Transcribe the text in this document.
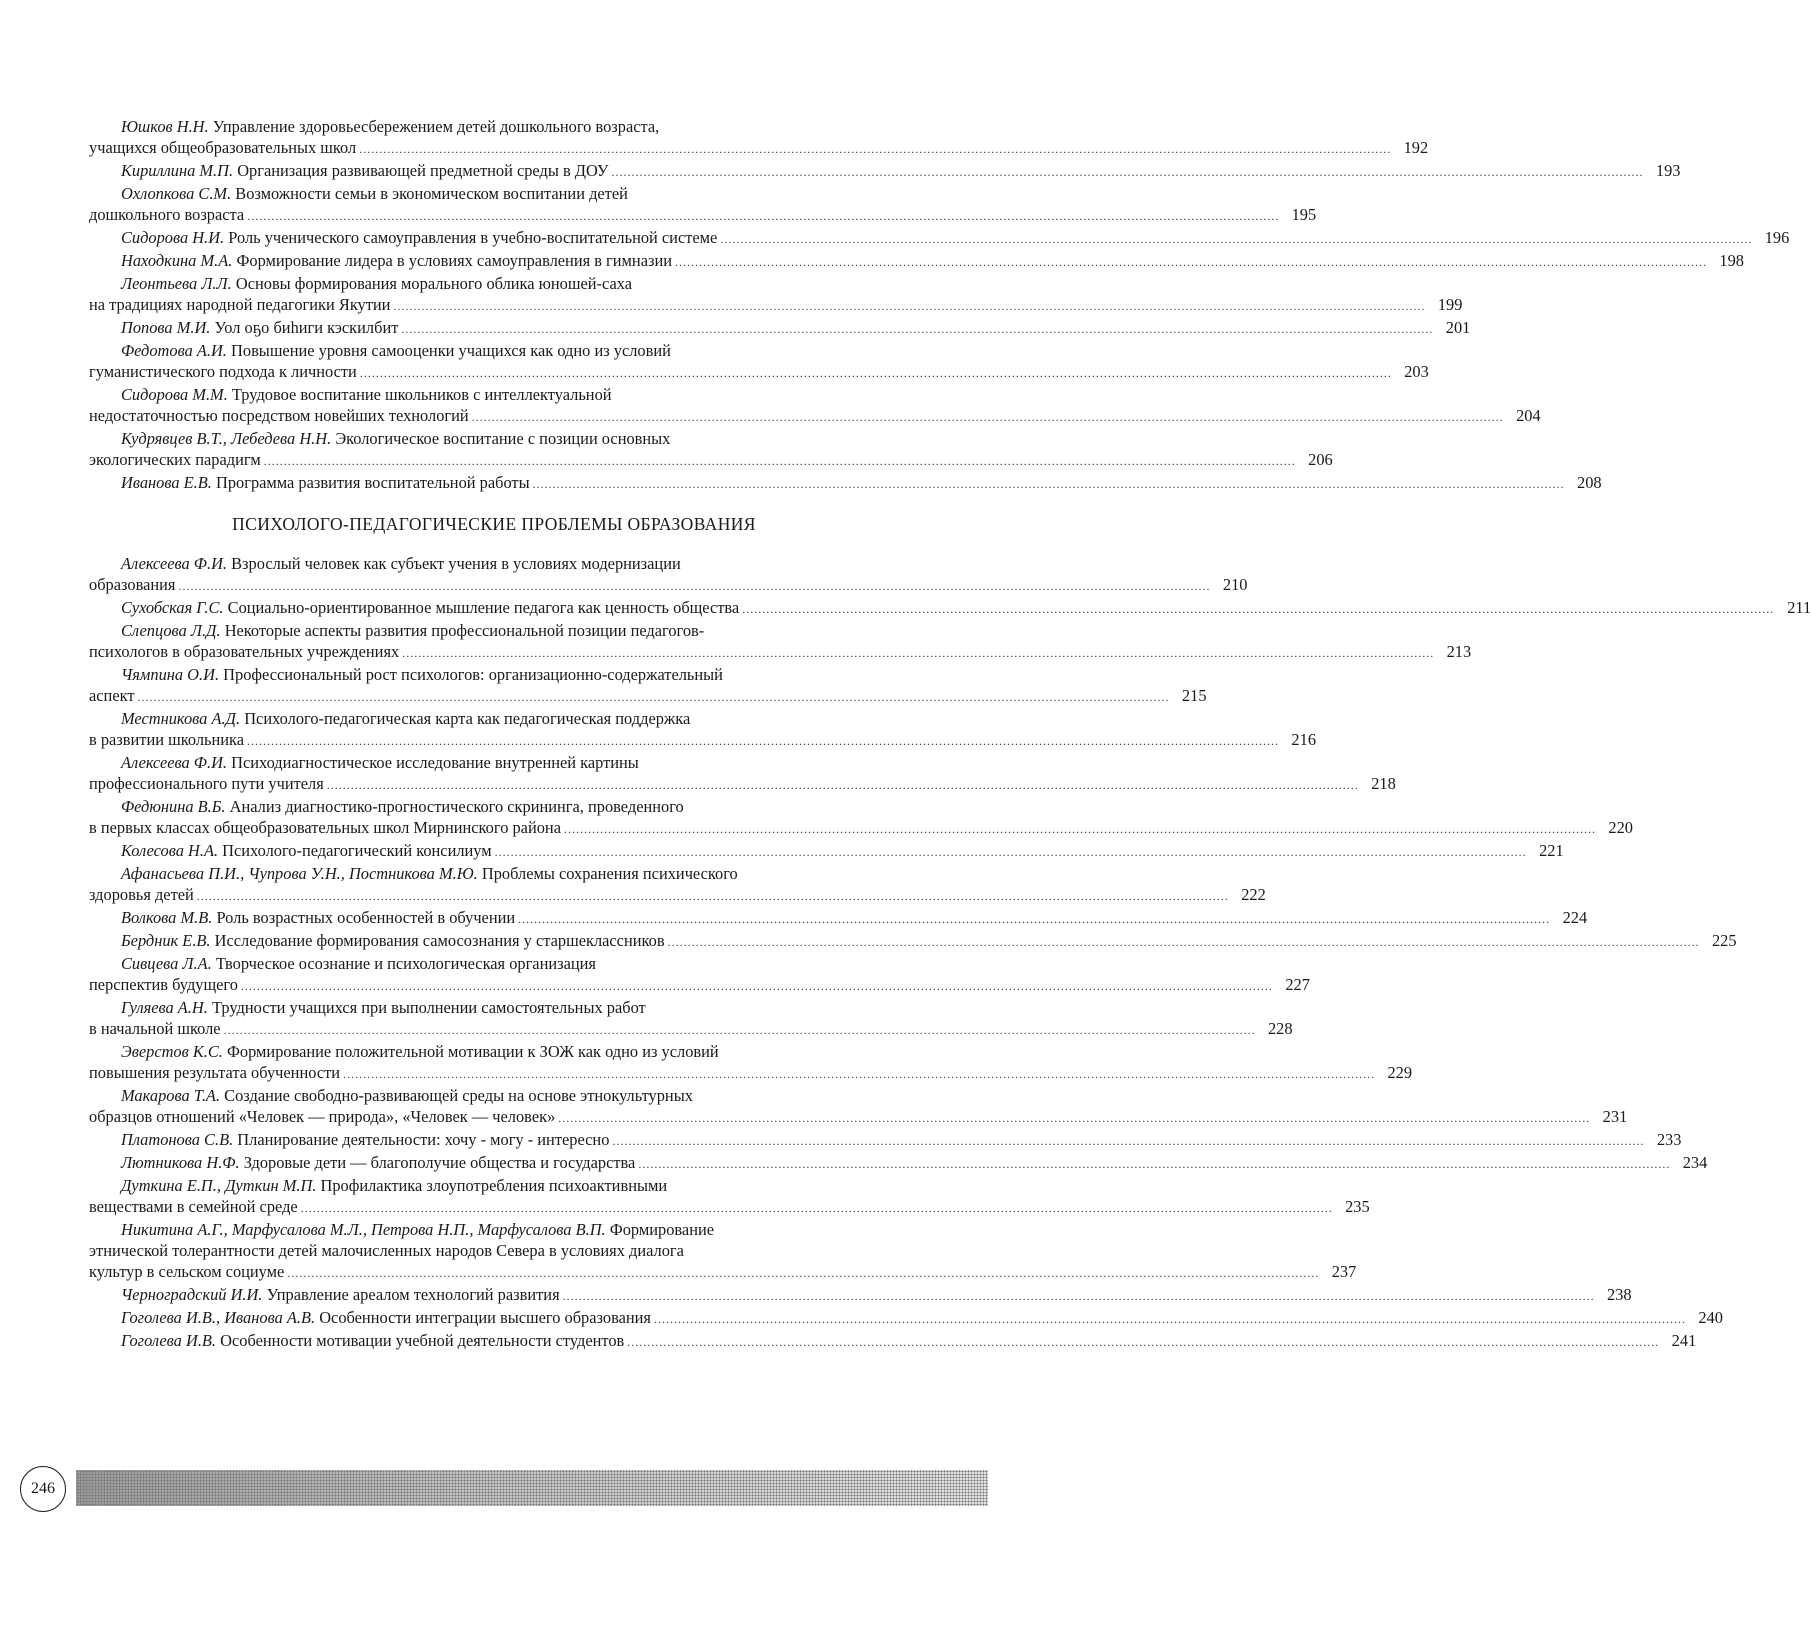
Юшков Н.Н. Управление здоровьесбережением детей дошкольного возраста,
учащихся общеобразовательных школ .....	192
Кириллина М.П. Организация развивающей предметной среды в ДОУ .....	193
Охлопкова С.М. Возможности семьи в экономическом воспитании детей
дошкольного возраста .....	195
Сидорова Н.И. Роль ученического самоуправления в учебно-воспитательной системе .....	196
Находкина М.А. Формирование лидера в условиях самоуправления в гимназии .....	198
Леонтьева Л.Л. Основы формирования морального облика юношей-саха
на традициях народной педагогики Якутии .....	199
Попова М.И. Уол оҕо биһиги кэскилбит .....	201
Федотова А.И. Повышение уровня самооценки учащихся как одно из условий
гуманистического подхода к личности .....	203
Сидорова М.М. Трудовое воспитание школьников с интеллектуальной
недостаточностью посредством новейших технологий .....	204
Кудрявцев В.Т., Лебедева Н.Н. Экологическое воспитание с позиции основных
экологических парадигм .....	206
Иванова Е.В. Программа развития воспитательной работы .....	208
ПСИХОЛОГО-ПЕДАГОГИЧЕСКИЕ ПРОБЛЕМЫ ОБРАЗОВАНИЯ
Алексеева Ф.И. Взрослый человек как субъект учения в условиях модернизации
образования .....	210
Сухобская Г.С. Социально-ориентированное мышление педагога как ценность общества .....	211
Слепцова Л.Д. Некоторые аспекты развития профессиональной позиции педагогов-
психологов в образовательных учреждениях .....	213
Чямпина О.И. Профессиональный рост психологов: организационно-содержательный
аспект .....	215
Местникова А.Д. Психолого-педагогическая карта как педагогическая поддержка
в развитии школьника .....	216
Алексеева Ф.И. Психодиагностическое исследование внутренней картины
профессионального пути учителя .....	218
Федюнина В.Б. Анализ диагностико-прогностического скрининга, проведенного
в первых классах общеобразовательных школ Мирнинского района .....	220
Колесова Н.А. Психолого-педагогический консилиум .....	221
Афанасьева П.И., Чупрова У.Н., Постникова М.Ю. Проблемы сохранения психического
здоровья детей .....	222
Волкова М.В. Роль возрастных особенностей в обучении .....	224
Бердник Е.В. Исследование формирования самосознания у старшеклассников .....	225
Сивцева Л.А. Творческое осознание и психологическая организация
перспектив будущего .....	227
Гуляева А.Н. Трудности учащихся при выполнении самостоятельных работ
в начальной школе .....	228
Эверстов К.С. Формирование положительной мотивации к ЗОЖ как одно из условий
повышения результата обученности .....	229
Макарова Т.А. Создание свободно-развивающей среды на основе этнокультурных
образцов отношений «Человек — природа», «Человек — человек» .....	231
Платонова С.В. Планирование деятельности: хочу - могу - интересно .....	233
Лютникова Н.Ф. Здоровые дети — благополучие общества и государства .....	234
Дуткина Е.П., Дуткин М.П. Профилактика злоупотребления психоактивными
веществами в семейной среде .....	235
Никитина А.Г., Марфусалова М.Л., Петрова Н.П., Марфусалова В.П. Формирование
этнической толерантности детей малочисленных народов Севера в условиях диалога
культур в сельском социуме .....	237
Черноградский И.И. Управление ареалом технологий развития .....	238
Гоголева И.В., Иванова А.В. Особенности интеграции высшего образования .....	240
Гоголева И.В. Особенности мотивации учебной деятельности студентов .....	241
246
